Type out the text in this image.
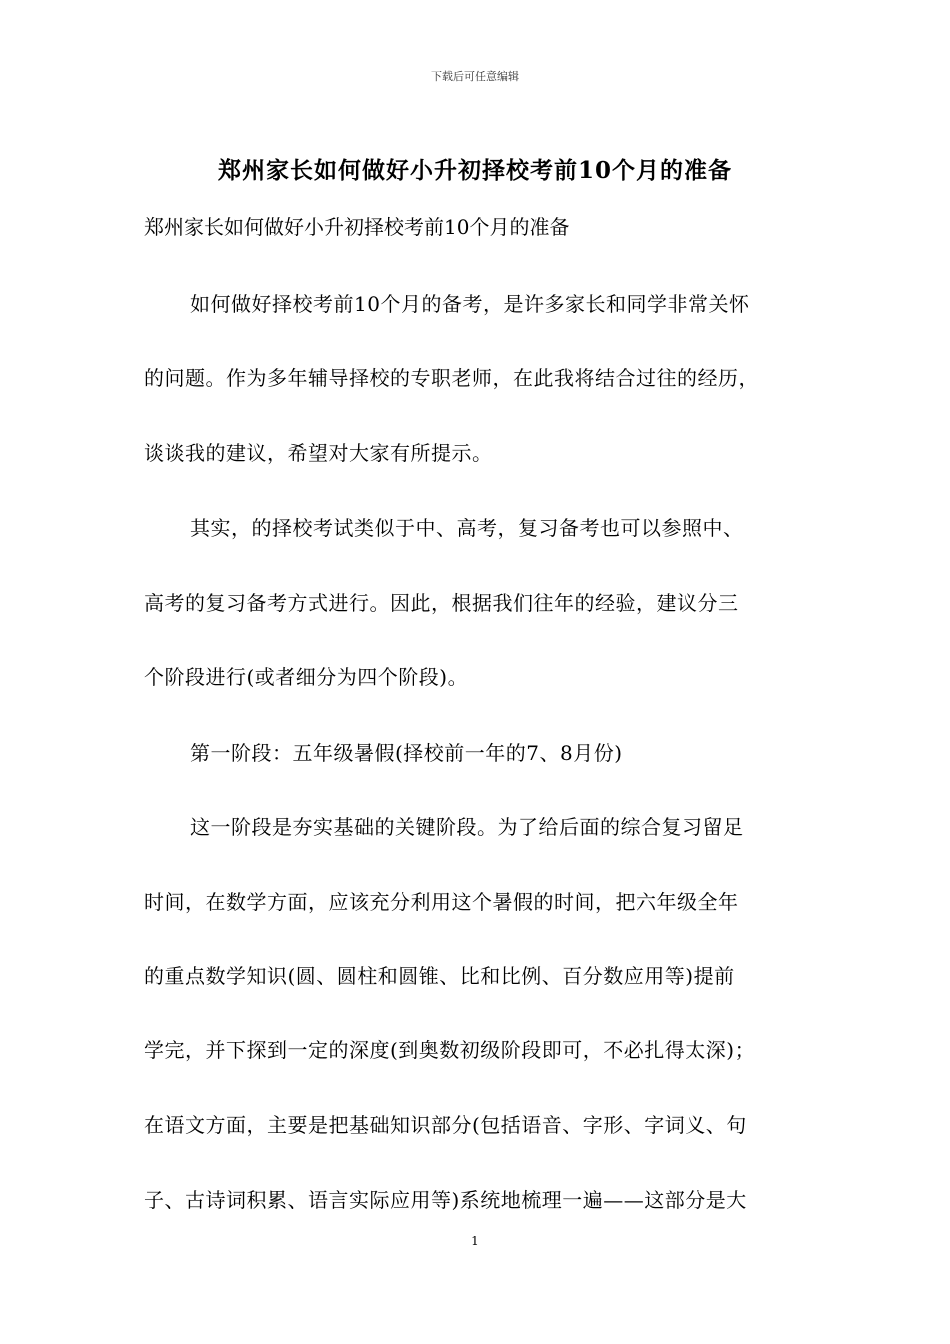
下载后可任意编辑
郑州家长如何做好小升初择校考前10个月的准备
郑州家长如何做好小升初择校考前10个月的准备
如何做好择校考前10个月的备考，是许多家长和同学非常关怀
的问题。作为多年辅导择校的专职老师，在此我将结合过往的经历，
谈谈我的建议，希望对大家有所提示。
其实，的择校考试类似于中、高考，复习备考也可以参照中、
高考的复习备考方式进行。因此，根据我们往年的经验，建议分三
个阶段进行(或者细分为四个阶段)。
第一阶段：五年级暑假(择校前一年的7、8月份)
这一阶段是夯实基础的关键阶段。为了给后面的综合复习留足
时间，在数学方面，应该充分利用这个暑假的时间，把六年级全年
的重点数学知识(圆、圆柱和圆锥、比和比例、百分数应用等)提前
学完，并下探到一定的深度(到奥数初级阶段即可，不必扎得太深)；
在语文方面，主要是把基础知识部分(包括语音、字形、字词义、句
子、古诗词积累、语言实际应用等)系统地梳理一遍——这部分是大
1
